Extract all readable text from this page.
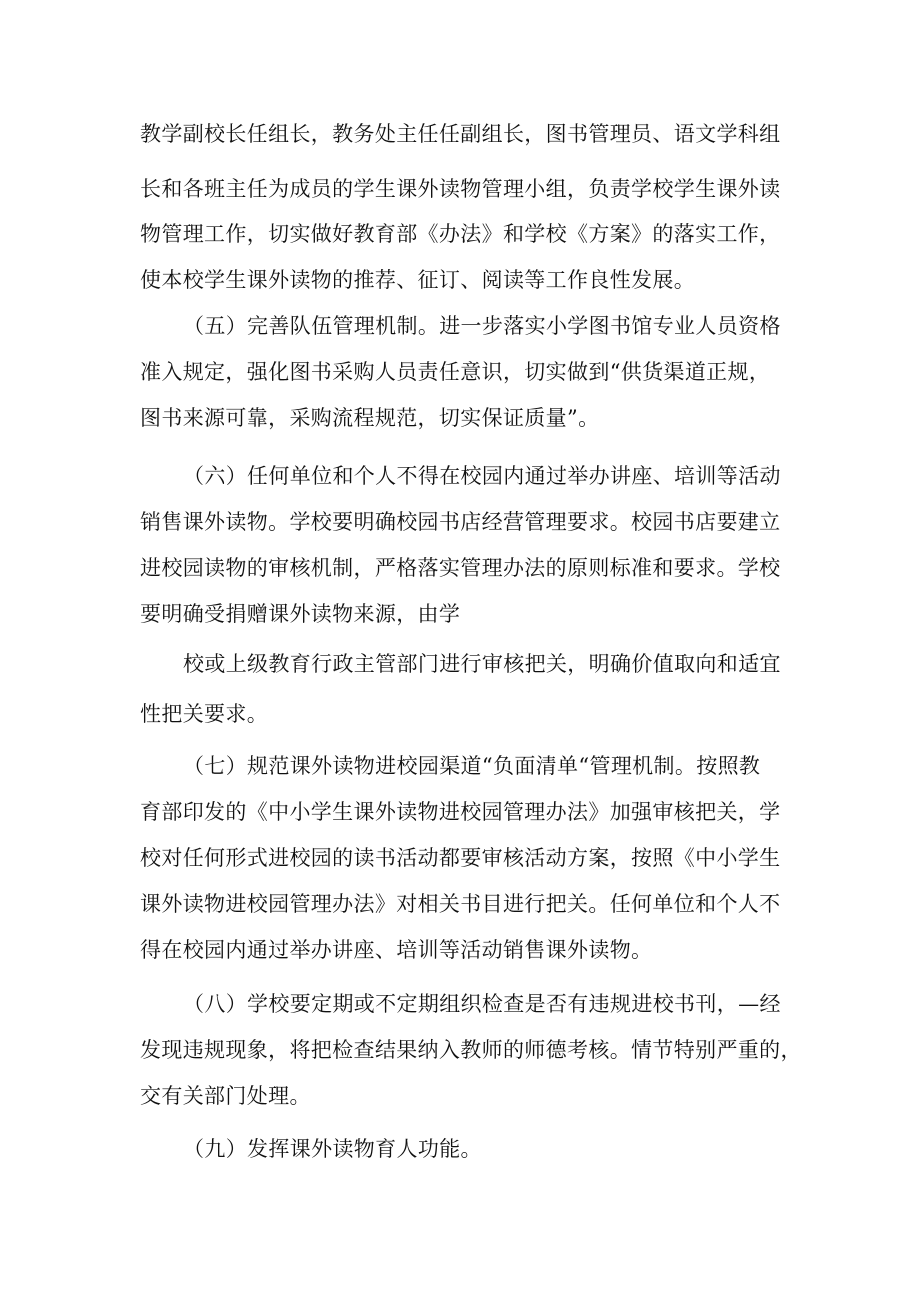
教学副校长任组长，教务处主任任副组长，图书管理员、语文学科组
长和各班主任为成员的学生课外读物管理小组，负责学校学生课外读
物管理工作，切实做好教育部《办法》和学校《方案》的落实工作，
使本校学生课外读物的推荐、征订、阅读等工作良性发展。
（五）完善队伍管理机制。进一步落实小学图书馆专业人员资格
准入规定，强化图书采购人员责任意识，切实做到“供货渠道正规，
图书来源可靠，采购流程规范，切实保证质量”。
（六）任何单位和个人不得在校园内通过举办讲座、培训等活动
销售课外读物。学校要明确校园书店经营管理要求。校园书店要建立
进校园读物的审核机制，严格落实管理办法的原则标准和要求。学校
要明确受捐赠课外读物来源，由学
校或上级教育行政主管部门进行审核把关，明确价值取向和适宜
性把关要求。
（七）规范课外读物进校园渠道“负面清单“管理机制。按照教
育部印发的《中小学生课外读物进校园管理办法》加强审核把关，学
校对任何形式进校园的读书活动都要审核活动方案，按照《中小学生
课外读物进校园管理办法》对相关书目进行把关。任何单位和个人不
得在校园内通过举办讲座、培训等活动销售课外读物。
（八）学校要定期或不定期组织检查是否有违规进校书刊，—经
发现违规现象，将把检查结果纳入教师的师德考核。情节特别严重的，
交有关部门处理。
（九）发挥课外读物育人功能。
